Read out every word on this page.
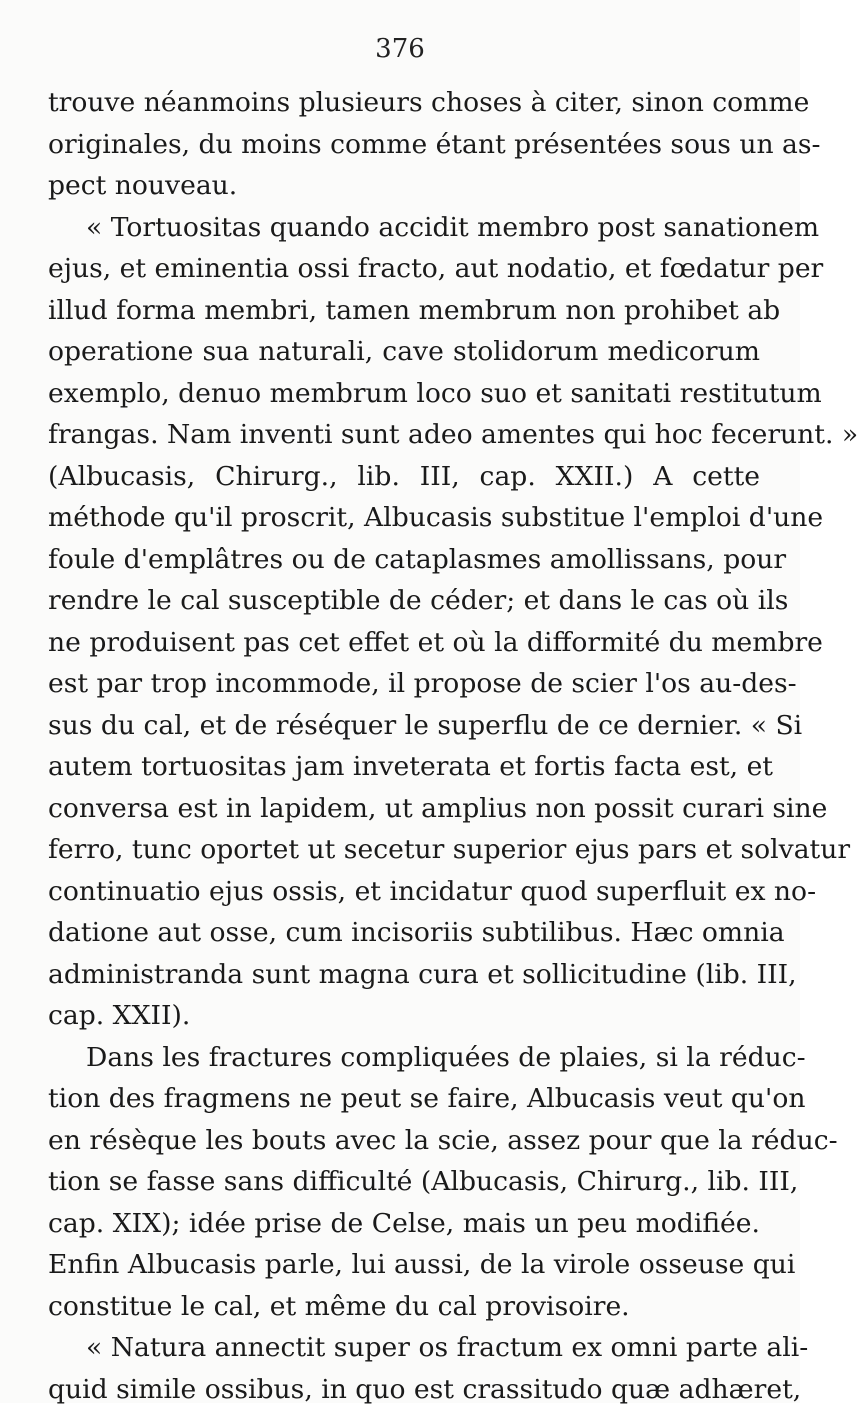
376
trouve néanmoins plusieurs choses à citer, sinon comme
originales, du moins comme étant présentées sous un as-
pect nouveau.
« Tortuositas quando accidit membro post sanationem
ejus, et eminentia ossi fracto, aut nodatio, et fœdatur per
illud forma membri, tamen membrum non prohibet ab
operatione sua naturali, cave stolidorum medicorum
exemplo, denuo membrum loco suo et sanitati restitutum
frangas. Nam inventi sunt adeo amentes qui hoc fecerunt. »
(Albucasis, Chirurg., lib. III, cap. XXII.) A cette
méthode qu'il proscrit, Albucasis substitue l'emploi d'une
foule d'emplâtres ou de cataplasmes amollissans, pour
rendre le cal susceptible de céder; et dans le cas où ils
ne produisent pas cet effet et où la difformité du membre
est par trop incommode, il propose de scier l'os au-des-
sus du cal, et de réséquer le superflu de ce dernier. « Si
autem tortuositas jam inveterata et fortis facta est, et
conversa est in lapidem, ut amplius non possit curari sine
ferro, tunc oportet ut secetur superior ejus pars et solvatur
continuatio ejus ossis, et incidatur quod superfluit ex no-
datione aut osse, cum incisoriis subtilibus. Hæc omnia
administranda sunt magna cura et sollicitudine (lib. III,
cap. XXII).
Dans les fractures compliquées de plaies, si la réduc-
tion des fragmens ne peut se faire, Albucasis veut qu'on
en résèque les bouts avec la scie, assez pour que la réduc-
tion se fasse sans difficulté (Albucasis, Chirurg., lib. III,
cap. XIX); idée prise de Celse, mais un peu modifiée.
Enfin Albucasis parle, lui aussi, de la virole osseuse qui
constitue le cal, et même du cal provisoire.
« Natura annectit super os fractum ex omni parte ali-
quid simile ossibus, in quo est crassitudo quæ adhæret,
